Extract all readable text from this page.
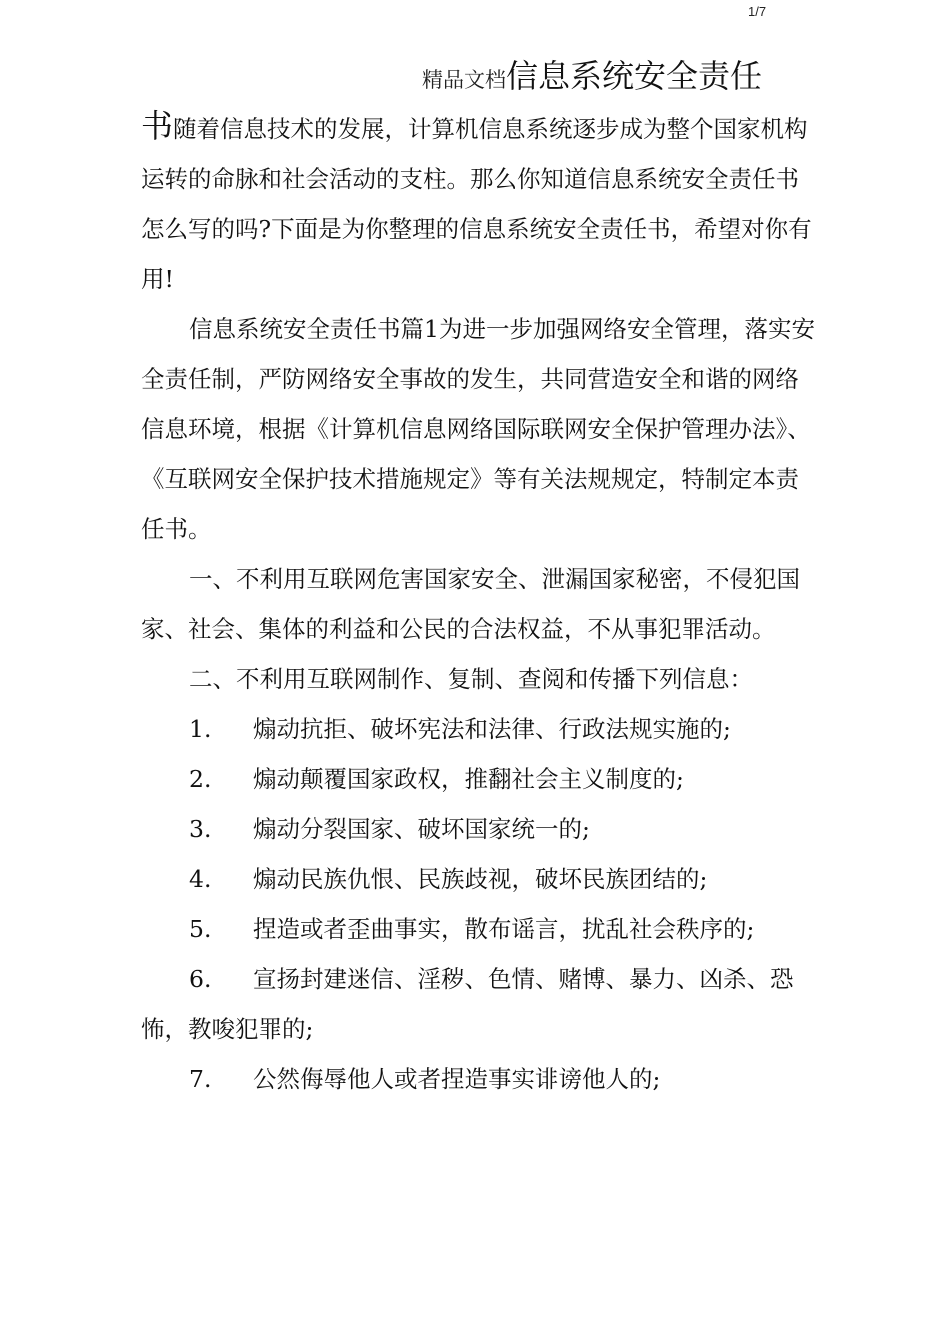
1/7
精品文档信息系统安全责任

书随着信息技术的发展，计算机信息系统逐步成为整个国家机构运转的命脉和社会活动的支柱。那么你知道信息系统安全责任书怎么写的吗?下面是为你整理的信息系统安全责任书，希望对你有用!

信息系统安全责任书篇1为进一步加强网络安全管理，落实安全责任制，严防网络安全事故的发生，共同营造安全和谐的网络信息环境，根据《计算机信息网络国际联网安全保护管理办法》、《互联网安全保护技术措施规定》等有关法规规定，特制定本责任书。

一、不利用互联网危害国家安全、泄漏国家秘密，不侵犯国家、社会、集体的利益和公民的合法权益，不从事犯罪活动。

二、不利用互联网制作、复制、查阅和传播下列信息：

1. 煽动抗拒、破坏宪法和法律、行政法规实施的;

2. 煽动颠覆国家政权，推翻社会主义制度的;

3. 煽动分裂国家、破坏国家统一的;

4. 煽动民族仇恨、民族歧视，破坏民族团结的;

5. 捏造或者歪曲事实，散布谣言，扰乱社会秩序的;

6. 宣扬封建迷信、淫秽、色情、赌博、暴力、凶杀、恐怖，教唆犯罪的;

7. 公然侮辱他人或者捏造事实诽谤他人的;
